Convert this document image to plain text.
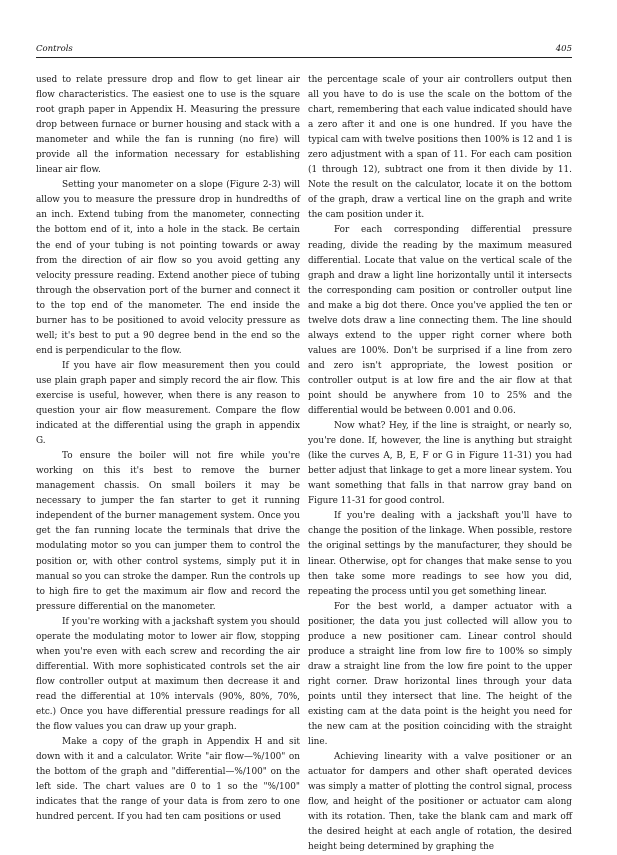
Controls	405

used to relate pressure drop and flow to get linear air flow characteristics. The easiest one to use is the square root graph paper in Appendix H. Measuring the pressure drop between furnace or burner housing and stack with a manometer and while the fan is running (no fire) will provide all the information necessary for establishing linear air flow.

Setting your manometer on a slope (Figure 2-3) will allow you to measure the pressure drop in hundredths of an inch. Extend tubing from the manometer, connecting the bottom end of it, into a hole in the stack. Be certain the end of your tubing is not pointing towards or away from the direction of air flow so you avoid getting any velocity pressure reading. Extend another piece of tubing through the observation port of the burner and connect it to the top end of the manometer. The end inside the burner has to be positioned to avoid velocity pressure as well; it's best to put a 90 degree bend in the end so the end is perpendicular to the flow.

If you have air flow measurement then you could use plain graph paper and simply record the air flow. This exercise is useful, however, when there is any reason to question your air flow measurement. Compare the flow indicated at the differential using the graph in appendix G.

To ensure the boiler will not fire while you're working on this it's best to remove the burner management chassis. On small boilers it may be necessary to jumper the fan starter to get it running independent of the burner management system. Once you get the fan running locate the terminals that drive the modulating motor so you can jumper them to control the position or, with other control systems, simply put it in manual so you can stroke the damper. Run the controls up to high fire to get the maximum air flow and record the pressure differential on the manometer.

If you're working with a jackshaft system you should operate the modulating motor to lower air flow, stopping when you're even with each screw and recording the air differential. With more sophisticated controls set the air flow controller output at maximum then decrease it and read the differential at 10% intervals (90%, 80%, 70%, etc.) Once you have differential pressure readings for all the flow values you can draw up your graph.

Make a copy of the graph in Appendix H and sit down with it and a calculator. Write "air flow—%/100" on the bottom of the graph and "differential—%/100" on the left side. The chart values are 0 to 1 so the "%/100" indicates that the range of your data is from zero to one hundred percent. If you had ten cam positions or used

the percentage scale of your air controllers output then all you have to do is use the scale on the bottom of the chart, remembering that each value indicated should have a zero after it and one is one hundred. If you have the typical cam with twelve positions then 100% is 12 and 1 is zero adjustment with a span of 11. For each cam position (1 through 12), subtract one from it then divide by 11. Note the result on the calculator, locate it on the bottom of the graph, draw a vertical line on the graph and write the cam position under it.

For each corresponding differential pressure reading, divide the reading by the maximum measured differential. Locate that value on the vertical scale of the graph and draw a light line horizontally until it intersects the corresponding cam position or controller output line and make a big dot there. Once you've applied the ten or twelve dots draw a line connecting them. The line should always extend to the upper right corner where both values are 100%. Don't be surprised if a line from zero and zero isn't appropriate, the lowest position or controller output is at low fire and the air flow at that point should be anywhere from 10 to 25% and the differential would be between 0.001 and 0.06.

Now what? Hey, if the line is straight, or nearly so, you're done. If, however, the line is anything but straight (like the curves A, B, E, F or G in Figure 11-31) you had better adjust that linkage to get a more linear system. You want something that falls in that narrow gray band on Figure 11-31 for good control.

If you're dealing with a jackshaft you'll have to change the position of the linkage. When possible, restore the original settings by the manufacturer, they should be linear. Otherwise, opt for changes that make sense to you then take some more readings to see how you did, repeating the process until you get something linear.

For the best world, a damper actuator with a positioner, the data you just collected will allow you to produce a new positioner cam. Linear control should produce a straight line from low fire to 100% so simply draw a straight line from the low fire point to the upper right corner. Draw horizontal lines through your data points until they intersect that line. The height of the existing cam at the data point is the height you need for the new cam at the position coinciding with the straight line.

Achieving linearity with a valve positioner or an actuator for dampers and other shaft operated devices was simply a matter of plotting the control signal, process flow, and height of the positioner or actuator cam along with its rotation. Then, take the blank cam and mark off the desired height at each angle of rotation, the desired height being determined by graphing the
